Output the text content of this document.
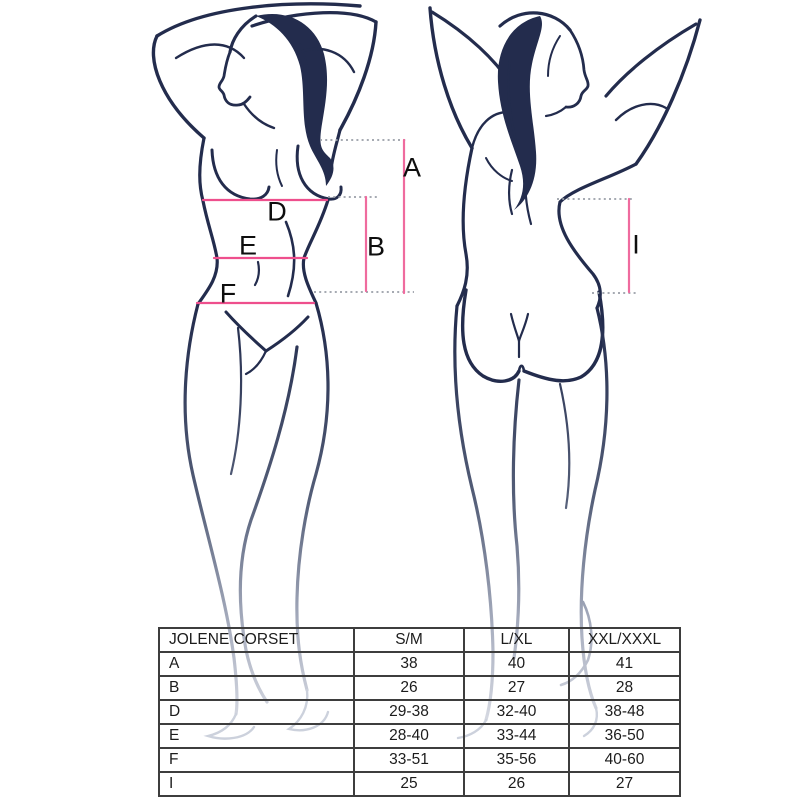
A
B
D
E
F
I
JOLENE CORSET	S/M	L/XL	XXL/XXXL
A	38	40	41
B	26	27	28
D	29-38	32-40	38-48
E	28-40	33-44	36-50
F	33-51	35-56	40-60
I	25	26	27
